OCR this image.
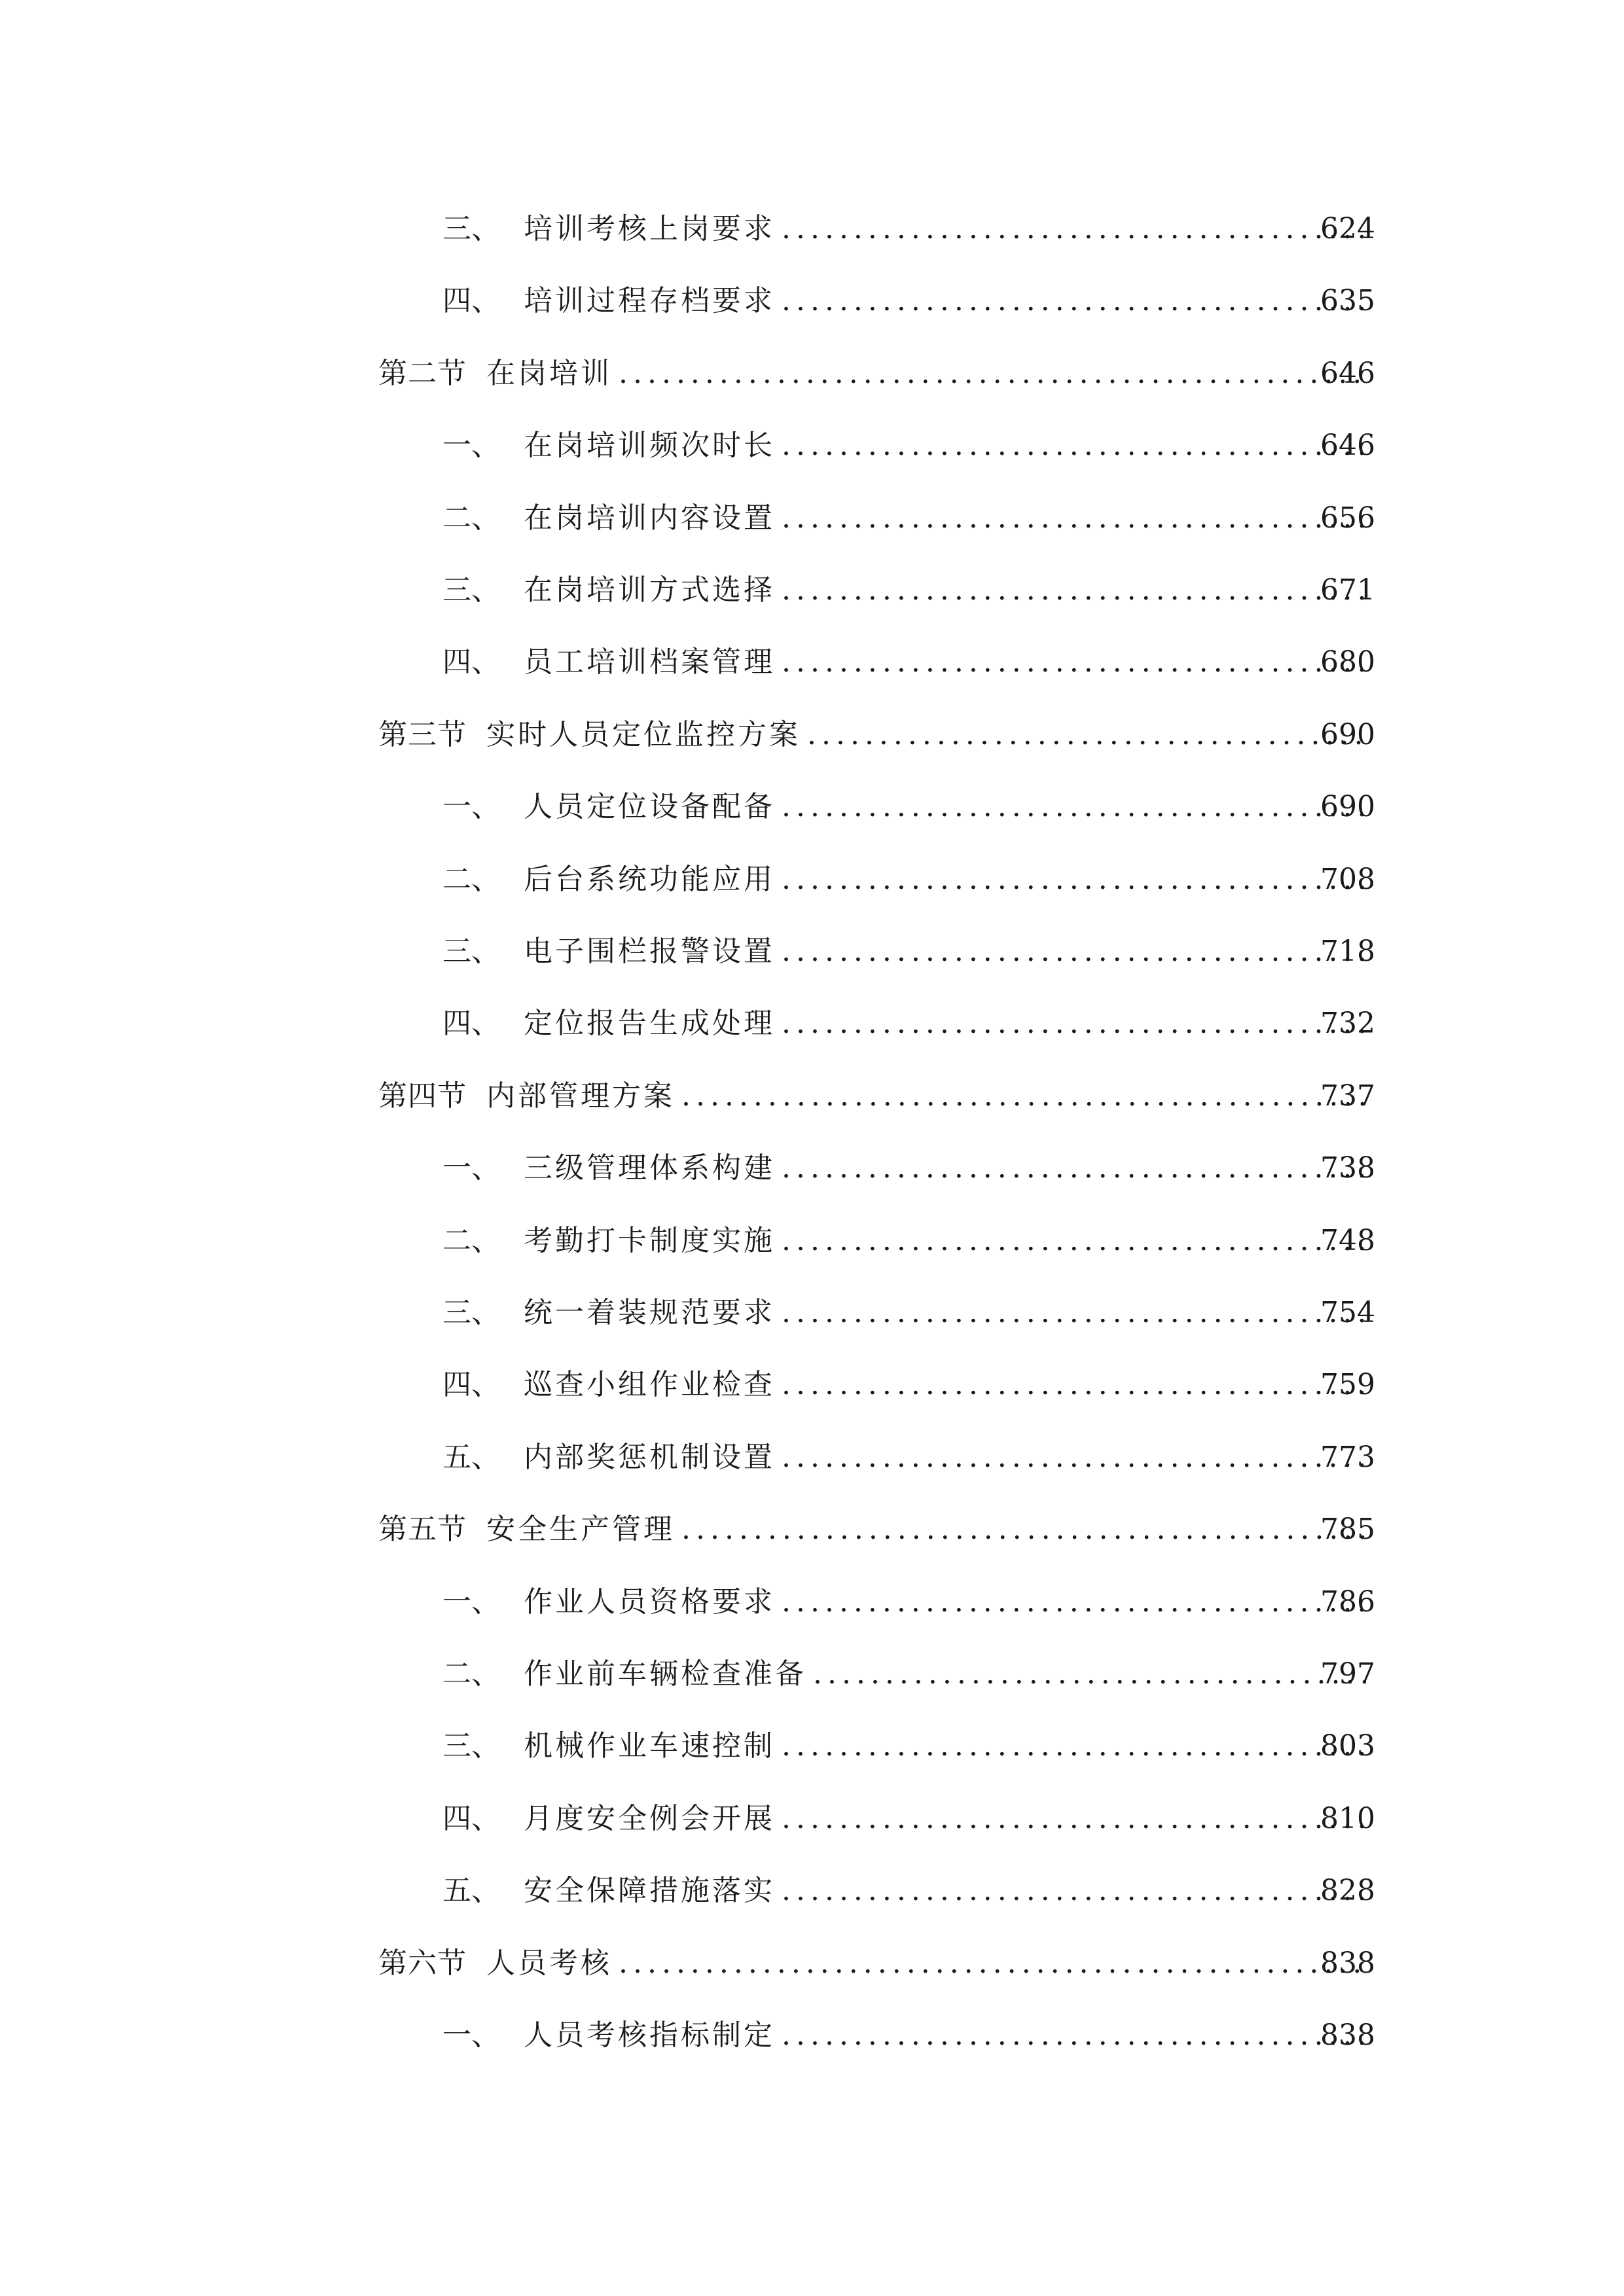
三、 培训考核上岗要求 .....	624
四、 培训过程存档要求 .....	635
第二节 在岗培训 .....	646
一、 在岗培训频次时长 .....	646
二、 在岗培训内容设置 .....	656
三、 在岗培训方式选择 .....	671
四、 员工培训档案管理 .....	680
第三节 实时人员定位监控方案 .....	690
一、 人员定位设备配备 .....	690
二、 后台系统功能应用 .....	708
三、 电子围栏报警设置 .....	718
四、 定位报告生成处理 .....	732
第四节 内部管理方案 .....	737
一、 三级管理体系构建 .....	738
二、 考勤打卡制度实施 .....	748
三、 统一着装规范要求 .....	754
四、 巡查小组作业检查 .....	759
五、 内部奖惩机制设置 .....	773
第五节 安全生产管理 .....	785
一、 作业人员资格要求 .....	786
二、 作业前车辆检查准备 .....	797
三、 机械作业车速控制 .....	803
四、 月度安全例会开展 .....	810
五、 安全保障措施落实 .....	828
第六节 人员考核 .....	838
一、 人员考核指标制定 .....	838
